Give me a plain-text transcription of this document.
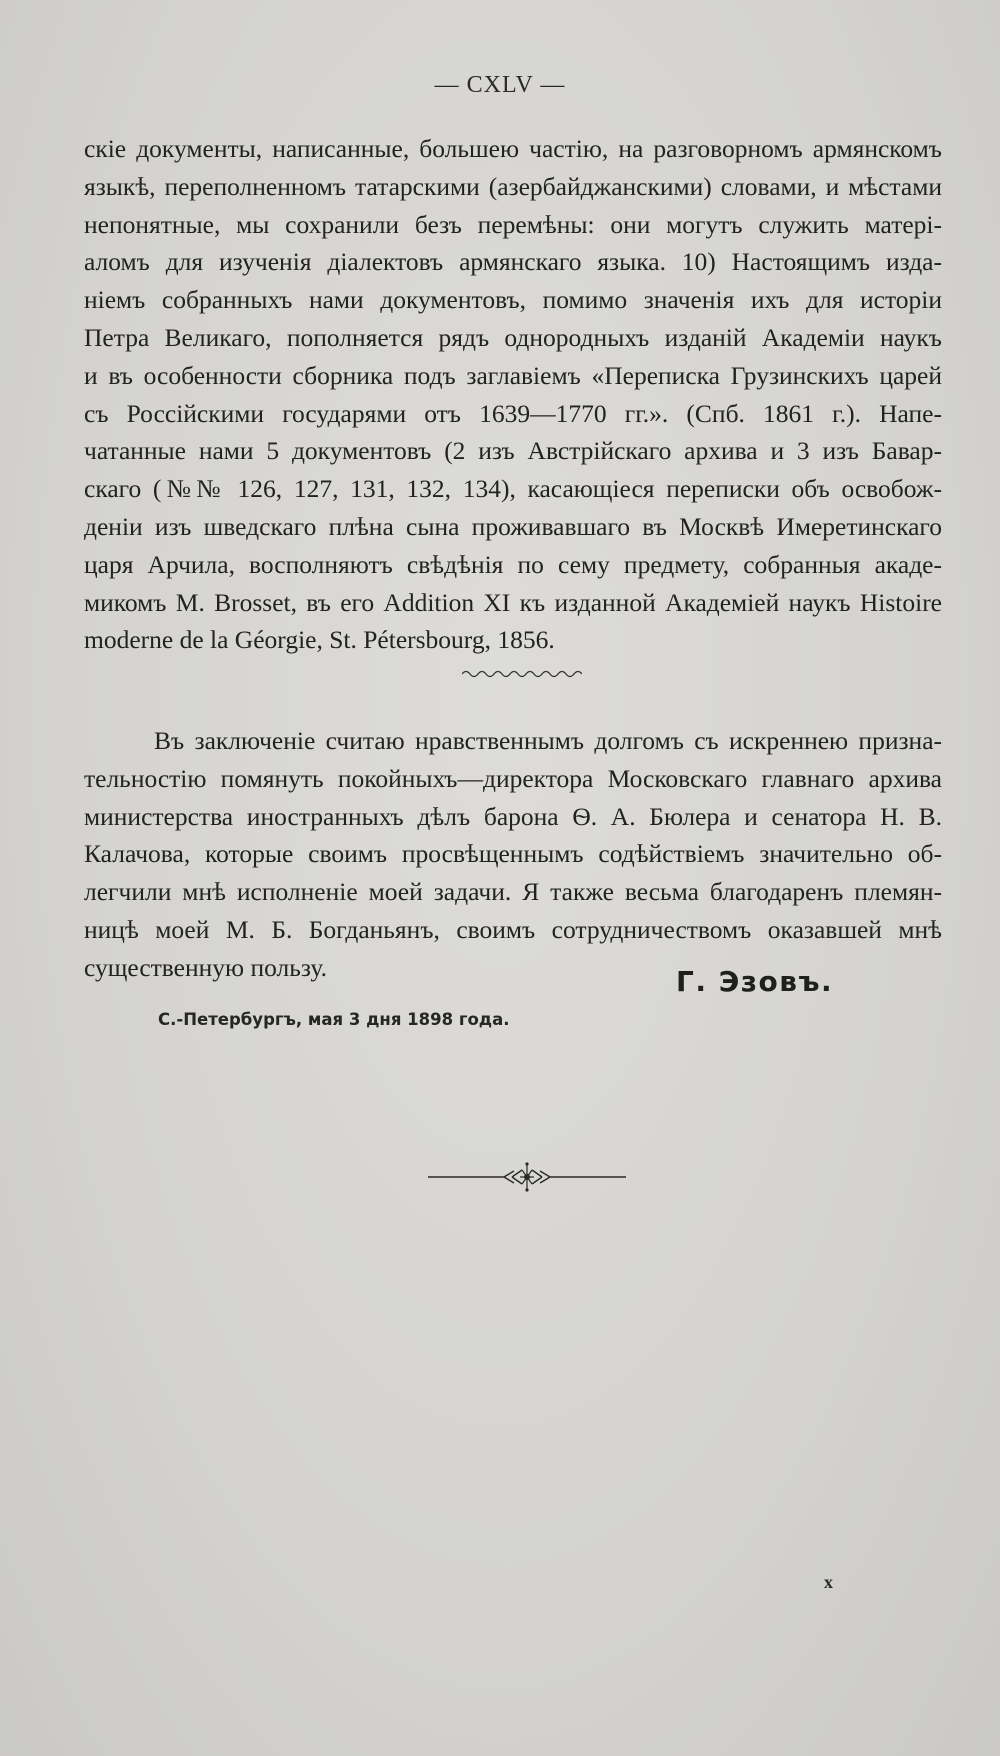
— CXLV —
скіе документы, написанные, большею частію, на разговорномъ армянскомъ
языкѣ, переполненномъ татарскими (азербайджанскими) словами, и мѣстами
непонятные, мы сохранили безъ перемѣны: они могутъ служить матері-
аломъ для изученія діалектовъ армянскаго языка. 10) Настоящимъ изда-
ніемъ собранныхъ нами документовъ, помимо значенія ихъ для исторіи
Петра Великаго, пополняется рядъ однородныхъ изданій Академіи наукъ
и въ особенности сборника подъ заглавіемъ «Переписка Грузинскихъ царей
съ Россійскими государями отъ 1639—1770 гг.». (Спб. 1861 г.). Напе-
чатанные нами 5 документовъ (2 изъ Австрійскаго архива и 3 изъ Бавар-
скаго (№№ 126, 127, 131, 132, 134), касающіеся переписки объ освобож-
деніи изъ шведскаго плѣна сына проживавшаго въ Москвѣ Имеретинскаго
царя Арчила, восполняютъ свѣдѣнія по сему предмету, собранныя акаде-
микомъ M. Brosset, въ его Addition XI къ изданной Академіей наукъ Histoire
moderne de la Géorgie, St. Pétersbourg, 1856.
Въ заключеніе считаю нравственнымъ долгомъ съ искреннею призна-
тельностію помянуть покойныхъ—директора Московскаго главнаго архива
министерства иностранныхъ дѣлъ барона Ѳ. А. Бюлера и сенатора Н. В.
Калачова, которые своимъ просвѣщеннымъ содѣйствіемъ значительно об-
легчили мнѣ исполненіе моей задачи. Я также весьма благодаренъ племян-
ницѣ моей М. Б. Богданьянъ, своимъ сотрудничествомъ оказавшей мнѣ
существенную пользу.	Г. Эзовъ.
С.-Петербургъ, мая 3 дня 1898 года.
x
